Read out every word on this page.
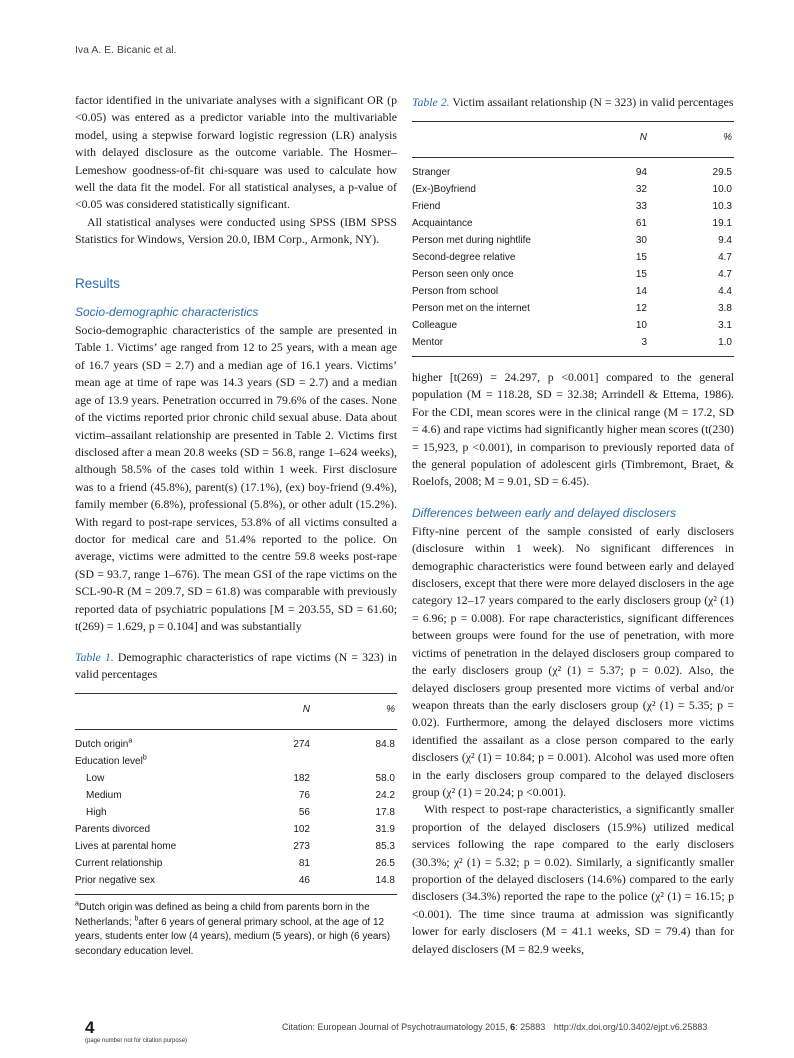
Iva A. E. Bicanic et al.

factor identified in the univariate analyses with a significant OR (p <0.05) was entered as a predictor variable into the multivariable model, using a stepwise forward logistic regression (LR) analysis with delayed disclosure as the outcome variable. The Hosmer–Lemeshow goodness-of-fit chi-square was used to calculate how well the data fit the model. For all statistical analyses, a p-value of <0.05 was considered statistically significant.

All statistical analyses were conducted using SPSS (IBM SPSS Statistics for Windows, Version 20.0, IBM Corp., Armonk, NY).

Results
Socio-demographic characteristics

Socio-demographic characteristics of the sample are presented in Table 1. Victims’ age ranged from 12 to 25 years, with a mean age of 16.7 years (SD = 2.7) and a median age of 16.1 years. Victims’ mean age at time of rape was 14.3 years (SD = 2.7) and a median age of 13.9 years. Penetration occurred in 79.6% of the cases. None of the victims reported prior chronic child sexual abuse. Data about victim–assailant relationship are presented in Table 2. Victims first disclosed after a mean 20.8 weeks (SD = 56.8, range 1–624 weeks), although 58.5% of the cases told within 1 week. First disclosure was to a friend (45.8%), parent(s) (17.1%), (ex) boy-friend (9.4%), family member (6.8%), professional (5.8%), or other adult (15.2%). With regard to post-rape services, 53.8% of all victims consulted a doctor for medical care and 51.4% reported to the police. On average, victims were admitted to the centre 59.8 weeks post-rape (SD = 93.7, range 1–676). The mean GSI of the rape victims on the SCL-90-R (M = 209.7, SD = 61.8) was comparable with previously reported data of psychiatric populations [M = 203.55, SD = 61.60; t(269) = 1.629, p = 0.104] and was substantially

Table 1. Demographic characteristics of rape victims (N = 323) in valid percentages
	N	%
Dutch origin$^a$	274	84.8
Education level$^b$		
Low	182	58.0
Medium	76	24.2
High	56	17.8
Parents divorced	102	31.9
Lives at parental home	273	85.3
Current relationship	81	26.5
Prior negative sex	46	14.8
$^a$Dutch origin was defined as being a child from parents born in the Netherlands; $^b$after 6 years of general primary school, at the age of 12 years, students enter low (4 years), medium (5 years), or high (6 years) secondary education level.
Table 2. Victim assailant relationship (N = 323) in valid percentages
	N	%
Stranger	94	29.5
(Ex-)Boyfriend	32	10.0
Friend	33	10.3
Acquaintance	61	19.1
Person met during nightlife	30	9.4
Second-degree relative	15	4.7
Person seen only once	15	4.7
Person from school	14	4.4
Person met on the internet	12	3.8
Colleague	10	3.1
Mentor	3	1.0

higher [t(269) = 24.297, p <0.001] compared to the general population (M = 118.28, SD = 32.38; Arrindell & Ettema, 1986). For the CDI, mean scores were in the clinical range (M = 17.2, SD = 4.6) and rape victims had significantly higher mean scores (t(230) = 15,923, p <0.001), in comparison to previously reported data of the general population of adolescent girls (Timbremont, Braet, & Roelofs, 2008; M = 9.01, SD = 6.45).

Differences between early and delayed disclosers

Fifty-nine percent of the sample consisted of early disclosers (disclosure within 1 week). No significant differences in demographic characteristics were found between early and delayed disclosers, except that there were more delayed disclosers in the age category 12–17 years compared to the early disclosers group (χ² (1) = 6.96; p = 0.008). For rape characteristics, significant differences between groups were found for the use of penetration, with more victims of penetration in the delayed disclosers group compared to the early disclosers group (χ² (1) = 5.37; p = 0.02). Also, the delayed disclosers group presented more victims of verbal and/or weapon threats than the early disclosers group (χ² (1) = 5.35; p = 0.02). Furthermore, among the delayed disclosers more victims identified the assailant as a close person compared to the early disclosers (χ² (1) = 10.84; p = 0.001). Alcohol was used more often in the early disclosers group compared to the delayed disclosers group (χ² (1) = 20.24; p <0.001).

With respect to post-rape characteristics, a significantly smaller proportion of the delayed disclosers (15.9%) utilized medical services following the rape compared to the early disclosers (30.3%; χ² (1) = 5.32; p = 0.02). Similarly, a significantly smaller proportion of the delayed disclosers (14.6%) compared to the early disclosers (34.3%) reported the rape to the police (χ² (1) = 16.15; p <0.001). The time since trauma at admission was significantly lower for early disclosers (M = 41.1 weeks, SD = 79.4) than for delayed disclosers (M = 82.9 weeks,

4
(page number not for citation purpose)
Citation: European Journal of Psychotraumatology 2015, 6: 25883 http://dx.doi.org/10.3402/ejpt.v6.25883
